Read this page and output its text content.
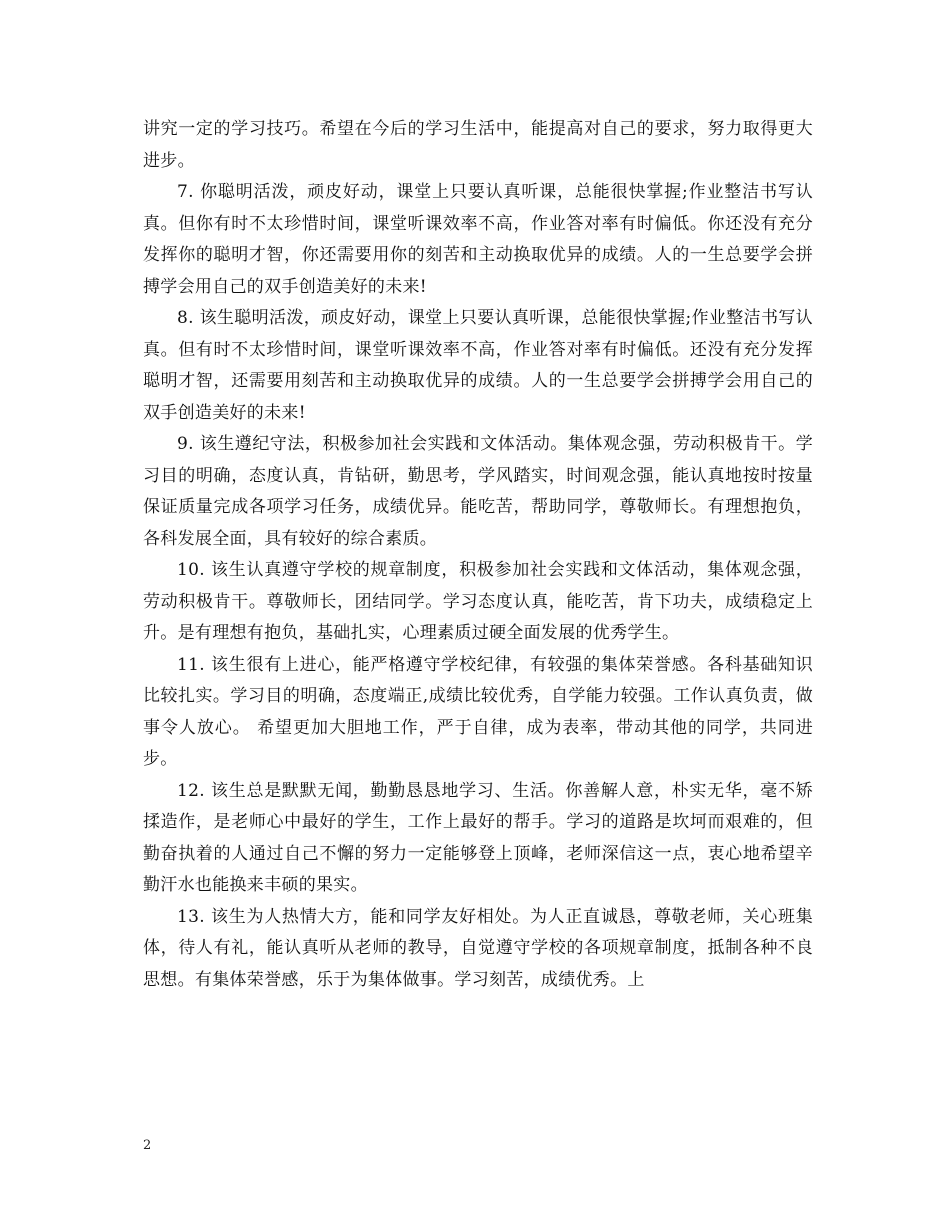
讲究一定的学习技巧。希望在今后的学习生活中，能提高对自己的要求，努力取得更大进步。

7. 你聪明活泼，顽皮好动，课堂上只要认真听课，总能很快掌握;作业整洁书写认真。但你有时不太珍惜时间，课堂听课效率不高，作业答对率有时偏低。你还没有充分发挥你的聪明才智，你还需要用你的刻苦和主动换取优异的成绩。人的一生总要学会拼搏学会用自己的双手创造美好的未来!

8. 该生聪明活泼，顽皮好动，课堂上只要认真听课，总能很快掌握;作业整洁书写认真。但有时不太珍惜时间，课堂听课效率不高，作业答对率有时偏低。还没有充分发挥聪明才智，还需要用刻苦和主动换取优异的成绩。人的一生总要学会拼搏学会用自己的双手创造美好的未来!

9. 该生遵纪守法，积极参加社会实践和文体活动。集体观念强，劳动积极肯干。学习目的明确，态度认真，肯钻研，勤思考，学风踏实，时间观念强，能认真地按时按量保证质量完成各项学习任务，成绩优异。能吃苦，帮助同学，尊敬师长。有理想抱负，各科发展全面，具有较好的综合素质。

10. 该生认真遵守学校的规章制度，积极参加社会实践和文体活动，集体观念强，劳动积极肯干。尊敬师长，团结同学。学习态度认真，能吃苦，肯下功夫，成绩稳定上升。是有理想有抱负，基础扎实，心理素质过硬全面发展的优秀学生。

11. 该生很有上进心，能严格遵守学校纪律，有较强的集体荣誉感。各科基础知识比较扎实。学习目的明确，态度端正,成绩比较优秀，自学能力较强。工作认真负责，做事令人放心。 希望更加大胆地工作，严于自律，成为表率，带动其他的同学，共同进步。

12. 该生总是默默无闻，勤勤恳恳地学习、生活。你善解人意，朴实无华，毫不矫揉造作，是老师心中最好的学生，工作上最好的帮手。学习的道路是坎坷而艰难的，但勤奋执着的人通过自己不懈的努力一定能够登上顶峰，老师深信这一点，衷心地希望辛勤汗水也能换来丰硕的果实。

13. 该生为人热情大方，能和同学友好相处。为人正直诚恳，尊敬老师，关心班集体，待人有礼，能认真听从老师的教导，自觉遵守学校的各项规章制度，抵制各种不良思想。有集体荣誉感，乐于为集体做事。学习刻苦，成绩优秀。上

2
